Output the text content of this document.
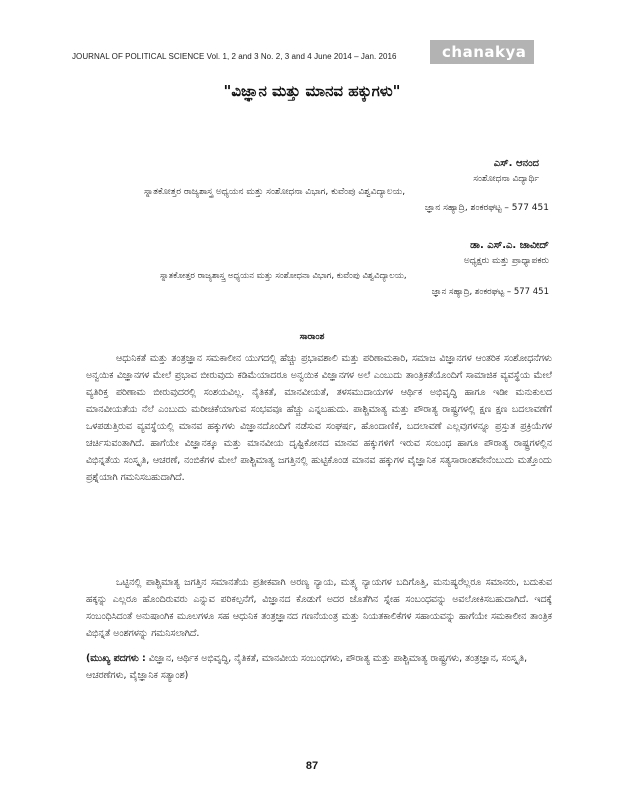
JOURNAL OF POLITICAL SCIENCE Vol. 1, 2 and 3 No. 2, 3 and 4 June 2014 – Jan. 2016	chanakya
"ವಿಜ್ಞಾನ ಮತ್ತು ಮಾನವ ಹಕ್ಕುಗಳು"
ಎಸ್. ಆನಂದ
ಸಂಶೋಧನಾ ವಿದ್ಯಾರ್ಥಿ
ಸ್ನಾತಕೋತ್ತರ ರಾಜ್ಯಶಾಸ್ತ್ರ ಅಧ್ಯಯನ ಮತ್ತು ಸಂಶೋಧನಾ ವಿಭಾಗ, ಕುವೆಂಪು ವಿಶ್ವವಿದ್ಯಾಲಯ,
ಜ್ಞಾನ ಸಹ್ಯಾದ್ರಿ, ಶಂಕರಘಟ್ಟ – 577 451
ಡಾ. ಎಸ್.ಎ. ಜಾವೀದ್
ಅಧ್ಯಕ್ಷರು ಮತ್ತು ಪ್ರಾಧ್ಯಾಪಕರು
ಸ್ನಾತಕೋತ್ತರ ರಾಜ್ಯಶಾಸ್ತ್ರ ಅಧ್ಯಯನ ಮತ್ತು ಸಂಶೋಧನಾ ವಿಭಾಗ, ಕುವೆಂಪು ವಿಶ್ವವಿದ್ಯಾಲಯ,
ಜ್ಞಾನ ಸಹ್ಯಾದ್ರಿ, ಶಂಕರಘಟ್ಟ – 577 451
ಸಾರಾಂಶ

ಆಧುನಿಕತೆ ಮತ್ತು ತಂತ್ರಜ್ಞಾನ ಸಮಕಾಲೀನ ಯುಗದಲ್ಲಿ ಹೆಚ್ಚು ಪ್ರಭಾವಶಾಲಿ ಮತ್ತು ಪರಿಣಾಮಕಾರಿ, ಸಮಾಜ ವಿಜ್ಞಾನಗಳ ಆಂತರಿಕ ಸಂಶೋಧನೆಗಳು ಅನ್ವಯಿಕ ವಿಜ್ಞಾನಗಳ ಮೇಲೆ ಪ್ರಭಾವ ಬೀರುವುದು ಕಡಿಮೆಯಾದರೂ ಅನ್ವಯಿಕ ವಿಜ್ಞಾನಗಳ ಅಲೆ ಎಂಬುದು ತಾಂತ್ರಿಕತೆಯೊಂದಿಗೆ ಸಾಮಾಜಿಕ ವ್ಯವಸ್ಥೆಯ ಮೇಲೆ ವ್ಯತಿರಿಕ್ತ ಪರಿಣಾಮ ಬೀರುವುದರಲ್ಲಿ ಸಂಶಯವಿಲ್ಲ. ನೈತಿಕತೆ, ಮಾನವೀಯತೆ, ತಳಸಮುದಾಯಗಳ ಆರ್ಥಿಕ ಅಭಿವೃದ್ಧಿ ಹಾಗೂ ಇಡೀ ಮನುಕುಲದ ಮಾನವೀಯತೆಯ ನೆಲೆ ಎಂಬುದು ಮರೀಚಿಕೆಯಾಗುವ ಸಂಭವವೂ ಹೆಚ್ಚು ಎನ್ನಬಹುದು. ಪಾಶ್ಚಿಮಾತ್ಯ ಮತ್ತು ಪೌರಾತ್ಯ ರಾಷ್ಟ್ರಗಳಲ್ಲಿ ಕ್ಷಣ ಕ್ಷಣ ಬದಲಾವಣೆಗೆ ಒಳಪಡುತ್ತಿರುವ ವ್ಯವಸ್ಥೆಯಲ್ಲಿ ಮಾನವ ಹಕ್ಕುಗಳು ವಿಜ್ಞಾನದೊಂದಿಗೆ ನಡೆಸುವ ಸಂಘರ್ಷ, ಹೊಂದಾಣಿಕೆ, ಬದಲಾವಣೆ ಎಲ್ಲವುಗಳನ್ನೂ ಪ್ರಸ್ತುತ ಪ್ರಕ್ರಿಯೆಗಳ ಚರ್ಚಿಸುವಂತಾಗಿದೆ. ಹಾಗೆಯೇ ವಿಜ್ಞಾನಕ್ಕೂ ಮತ್ತು ಮಾನವೀಯ ದೃಷ್ಟಿಕೋನದ ಮಾನವ ಹಕ್ಕುಗಳಿಗೆ ಇರುವ ಸಂಬಂಧ ಹಾಗೂ ಪೌರಾತ್ಯ ರಾಷ್ಟ್ರಗಳಲ್ಲಿನ ವಿಭಿನ್ನತೆಯ ಸಂಸ್ಕೃತಿ, ಆಚರಣೆ, ನಂಬಿಕೆಗಳ ಮೇಲೆ ಪಾಶ್ಚಿಮಾತ್ಯ ಜಗತ್ತಿನಲ್ಲಿ ಹುಟ್ಟಿಕೊಂಡ ಮಾನವ ಹಕ್ಕುಗಳ ವೈಜ್ಞಾನಿಕ ಸತ್ಯಸಾರಾಂಶವೇನೆಂಬುದು ಮತ್ತೊಂದು ಪ್ರಶ್ನೆಯಾಗಿ ಗಮನಿಸಬಹುದಾಗಿದೆ.

ಒಟ್ಟಿನಲ್ಲಿ ಪಾಶ್ಚಿಮಾತ್ಯ ಜಗತ್ತಿನ ಸಮಾನತೆಯ ಪ್ರತೀಕವಾಗಿ ಅರಣ್ಯ ನ್ಯಾಯ, ಮತ್ಸ್ಯ ನ್ಯಾಯಗಳ ಬದಿಗೊತ್ತಿ, ಮನುಷ್ಯರೆಲ್ಲರೂ ಸಮಾನರು, ಬದುಕುವ ಹಕ್ಕನ್ನು ಎಲ್ಲರೂ ಹೊಂದಿರುವರು ಎನ್ನುವ ಪರಿಕಲ್ಪನೆಗೆ, ವಿಜ್ಞಾನದ ಕೊಡುಗೆ ಅದರ ಜೊತೆಗಿನ ಸ್ನೇಹ ಸಂಬಂಧವನ್ನು ಅವಲೋಕಿಸಬಹುದಾಗಿದೆ. ಇದಕ್ಕೆ ಸಂಬಂಧಿಸಿದಂತೆ ಅನುಷಾಂಗಿಕ ಮೂಲಗಳೂ ಸಹ ಆಧುನಿಕ ತಂತ್ರಜ್ಞಾನದ ಗಣನೆಯಂತ್ರ ಮತ್ತು ನಿಯತಕಾಲಿಕೆಗಳ ಸಹಾಯವನ್ನು ಹಾಗೆಯೇ ಸಮಕಾಲೀನ ತಾಂತ್ರಿಕ ವಿಭಿನ್ನತೆ ಅಂಶಗಳನ್ನು ಗಮನಿಸಲಾಗಿದೆ.

(ಮುಖ್ಯ ಪದಗಳು : ವಿಜ್ಞಾನ, ಆರ್ಥಿಕ ಅಭಿವೃದ್ಧಿ, ನೈತಿಕತೆ, ಮಾನವೀಯ ಸಂಬಂಧಗಳು, ಪೌರಾತ್ಯ ಮತ್ತು ಪಾಶ್ಚಿಮಾತ್ಯ ರಾಷ್ಟ್ರಗಳು, ತಂತ್ರಜ್ಞಾನ, ಸಂಸ್ಕೃತಿ, ಆಚರಣೆಗಳು, ವೈಜ್ಞಾನಿಕ ಸತ್ಯಾಂಶ)

87
